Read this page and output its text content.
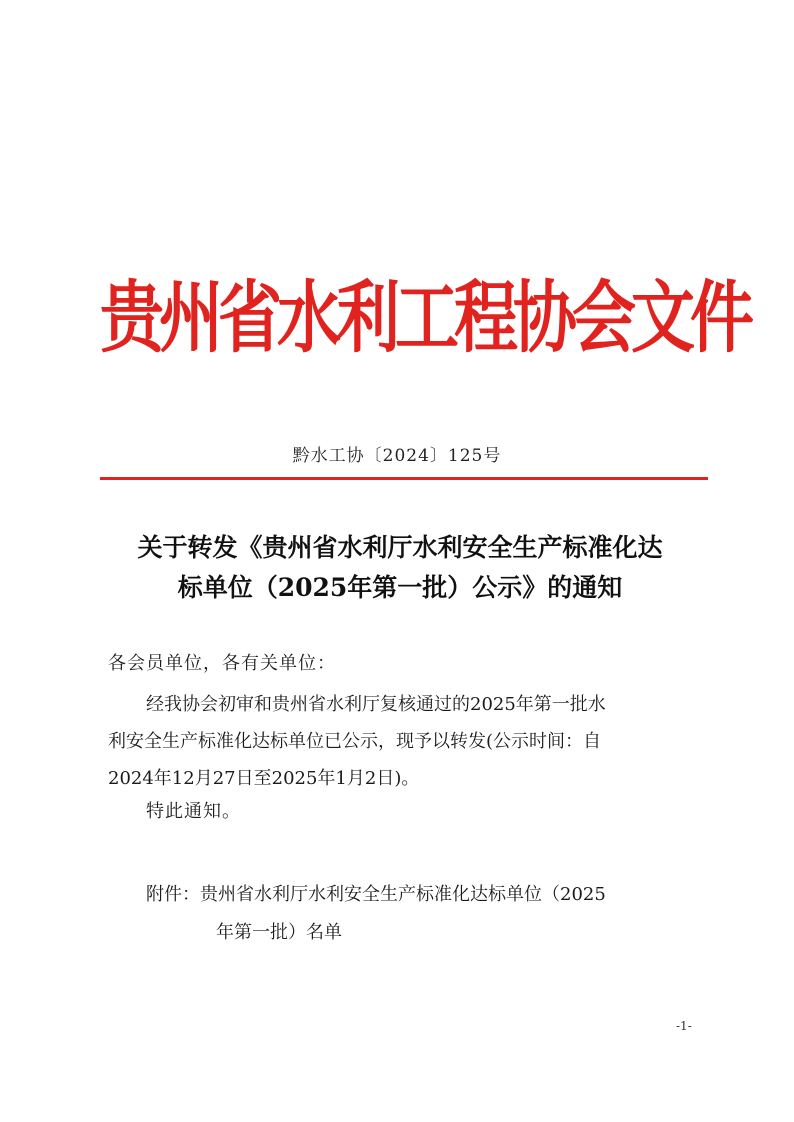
贵州省水利工程协会文件
黔水工协〔2024〕125号
关于转发《贵州省水利厅水利安全生产标准化达
标单位（2025年第一批）公示》的通知
各会员单位，各有关单位：
经我协会初审和贵州省水利厅复核通过的2025年第一批水
利安全生产标准化达标单位已公示，现予以转发(公示时间：自
2024年12月27日至2025年1月2日)。
特此通知。
附件：贵州省水利厅水利安全生产标准化达标单位（2025
年第一批）名单
-1-
